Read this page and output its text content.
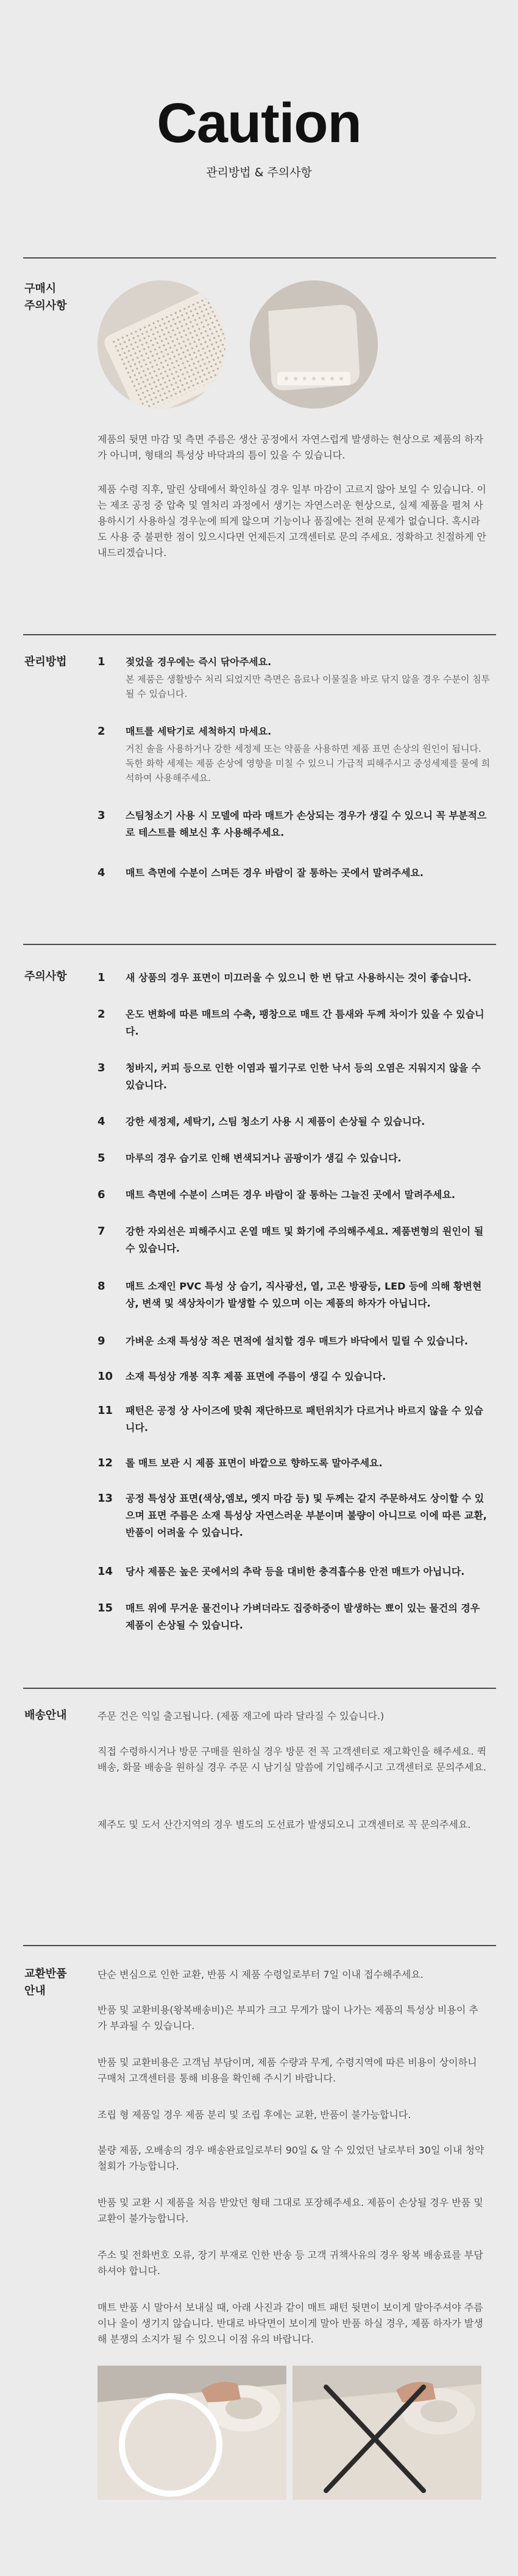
Caution
관리방법 & 주의사항
구매시
주의사항
제품의 뒷면 마감 및 측면 주름은 생산 공정에서 자연스럽게 발생하는 현상으로 제품의 하자가 아니며, 형태의 특성상 바닥과의 틈이 있을 수 있습니다.
제품 수령 직후, 말린 상태에서 확인하실 경우 일부 마감이 고르지 않아 보일 수 있습니다. 이는 제조 공정 중 압축 및 열처리 과정에서 생기는 자연스러운 현상으로, 실제 제품을 펼쳐 사용하시기 사용하실 경우눈에 띄게 않으며 기능이나 품질에는 전혀 문제가 없습니다. 혹시라도 사용 중 불편한 점이 있으시다면 언제든지 고객센터로 문의 주세요. 정확하고 친절하게 안내드리겠습니다.
관리방법	1	젖었을 경우에는 즉시 닦아주세요.
본 제품은 생활방수 처리 되었지만 측면은 음료나 이물질을 바로 닦지 않을 경우 수분이 침투될 수 있습니다.
2	매트를 세탁기로 세척하지 마세요.
거친 솔을 사용하거나 강한 세정제 또는 약품을 사용하면 제품 표면 손상의 원인이 됩니다. 독한 화학 세제는 제품 손상에 영향을 미칠 수 있으니 가급적 피해주시고 중성세제를 물에 희석하여 사용해주세요.
3	스팀청소기 사용 시 모델에 따라 매트가 손상되는 경우가 생길 수 있으니 꼭 부분적으로 테스트를 해보신 후 사용해주세요.
4	매트 측면에 수분이 스며든 경우 바람이 잘 통하는 곳에서 말려주세요.
주의사항	1	새 상품의 경우 표면이 미끄러울 수 있으니 한 번 닦고 사용하시는 것이 좋습니다.
2	온도 변화에 따른 매트의 수축, 팽창으로 매트 간 틈새와 두께 차이가 있을 수 있습니다.
3	청바지, 커피 등으로 인한 이염과 필기구로 인한 낙서 등의 오염은 지워지지 않을 수 있습니다.
4	강한 세정제, 세탁기, 스팀 청소기 사용 시 제품이 손상될 수 있습니다.
5	마루의 경우 습기로 인해 변색되거나 곰팡이가 생길 수 있습니다.
6	매트 측면에 수분이 스며든 경우 바람이 잘 통하는 그늘진 곳에서 말려주세요.
7	강한 자외선은 피해주시고 온열 매트 및 화기에 주의해주세요. 제품변형의 원인이 될 수 있습니다.
8	매트 소재인 PVC 특성 상 습기, 직사광선, 열, 고온 방광등, LED 등에 의해 황변현상, 변색 및 색상차이가 발생할 수 있으며 이는 제품의 하자가 아닙니다.
9	가벼운 소재 특성상 적은 면적에 설치할 경우 매트가 바닥에서 밀릴 수 있습니다.
10	소재 특성상 개봉 직후 제품 표면에 주름이 생길 수 있습니다.
11	패턴은 공정 상 사이즈에 맞춰 재단하므로 패턴위치가 다르거나 바르지 않을 수 있습니다.
12	롤 매트 보관 시 제품 표면이 바깥으로 향하도록 말아주세요.
13	공정 특성상 표면(색상,엠보, 엣지 마감 등) 및 두께는 같지 주문하셔도 상이할 수 있으며 표면 주름은 소재 특성상 자연스러운 부분이며 불량이 아니므로 이에 따른 교환,반품이 어려울 수 있습니다.
14	당사 제품은 높은 곳에서의 추락 등을 대비한 충격흡수용 안전 매트가 아닙니다.
15	매트 위에 무거운 물건이나 가벼더라도 집중하중이 발생하는 뾰이 있는 물건의 경우 제품이 손상될 수 있습니다.
배송안내	주문 건은 익일 출고됩니다. (제품 재고에 따라 달라질 수 있습니다.)
직접 수령하시거나 방문 구매를 원하실 경우 방문 전 꼭 고객센터로 재고확인을 해주세요. 퀵 배송, 화물 배송을 원하실 경우 주문 시 남기실 말씀에 기입해주시고 고객센터로 문의주세요.
제주도 및 도서 산간지역의 경우 별도의 도선료가 발생되오니 고객센터로 꼭 문의주세요.
교환반품
안내
단순 변심으로 인한 교환, 반품 시 제품 수령일로부터 7일 이내 접수해주세요.
반품 및 교환비용(왕복배송비)은 부피가 크고 무게가 많이 나가는 제품의 특성상 비용이 추가 부과될 수 있습니다.
반품 및 교환비용은 고객님 부담이며, 제품 수량과 무게, 수령지역에 따른 비용이 상이하니 구매처 고객센터를 통해 비용을 확인해 주시기 바랍니다.
조립 형 제품일 경우 제품 분리 및 조립 후에는 교환, 반품이 불가능합니다.
불량 제품, 오배송의 경우 배송완료일로부터 90일 & 알 수 있었던 날로부터 30일 이내 청약철회가 가능합니다.
반품 및 교환 시 제품을 처음 받았던 형태 그대로 포장해주세요. 제품이 손상될 경우 반품 및 교환이 불가능합니다.
주소 및 전화번호 오류, 장기 부재로 인한 반송 등 고객 귀책사유의 경우 왕복 배송료를 부담하셔야 합니다.
매트 반품 시 말아서 보내실 때, 아래 사진과 같이 매트 패턴 뒷면이 보이게 말아주셔야 주름이나 울이 생기지 않습니다. 반대로 바닥면이 보이게 말아 반품 하실 경우, 제품 하자가 발생 해 분쟁의 소지가 될 수 있으니 이점 유의 바랍니다.
